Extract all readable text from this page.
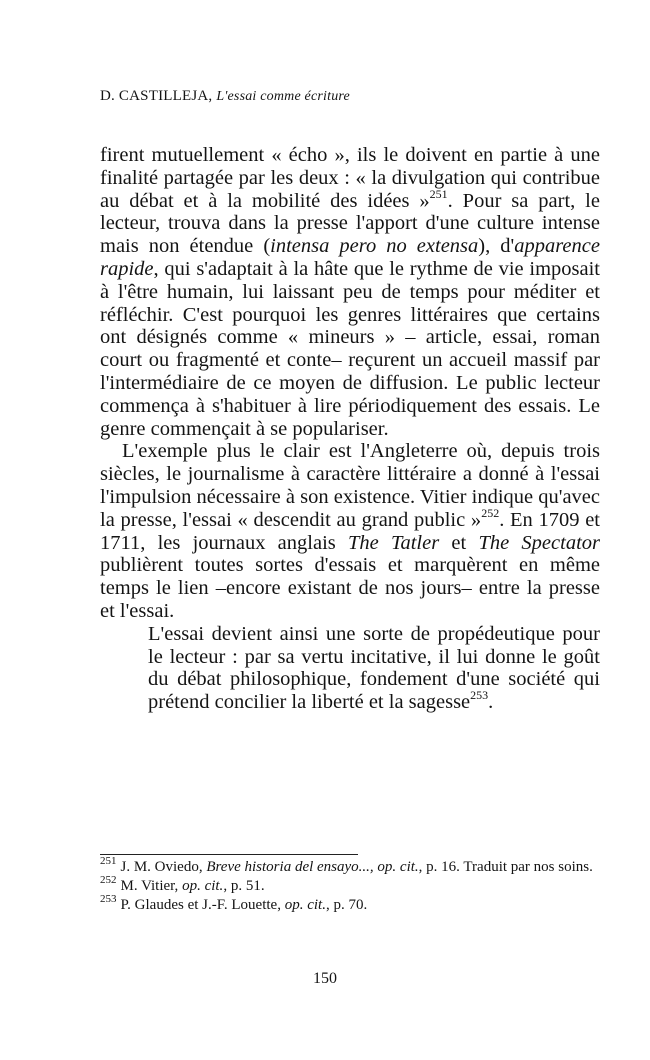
D. CASTILLEJA, L'essai comme écriture

firent mutuellement « écho », ils le doivent en partie à une finalité partagée par les deux : « la divulgation qui contribue au débat et à la mobilité des idées »$^{251}$. Pour sa part, le lecteur, trouva dans la presse l'apport d'une culture intense mais non étendue (intensa pero no extensa), d'apparence rapide, qui s'adaptait à la hâte que le rythme de vie imposait à l'être humain, lui laissant peu de temps pour méditer et réfléchir. C'est pourquoi les genres littéraires que certains ont désignés comme « mineurs » – article, essai, roman court ou fragmenté et conte– reçurent un accueil massif par l'intermédiaire de ce moyen de diffusion. Le public lecteur commença à s'habituer à lire périodiquement des essais. Le genre commençait à se populariser.

L'exemple plus le clair est l'Angleterre où, depuis trois siècles, le journalisme à caractère littéraire a donné à l'essai l'impulsion nécessaire à son existence. Vitier indique qu'avec la presse, l'essai « descendit au grand public »$^{252}$. En 1709 et 1711, les journaux anglais The Tatler et The Spectator publièrent toutes sortes d'essais et marquèrent en même temps le lien –encore existant de nos jours– entre la presse et l'essai.

L'essai devient ainsi une sorte de propédeutique pour le lecteur : par sa vertu incitative, il lui donne le goût du débat philosophique, fondement d'une société qui prétend concilier la liberté et la sagesse$^{253}$.

$^{251}$ J. M. Oviedo, Breve historia del ensayo..., op. cit., p. 16. Traduit par nos soins.

$^{252}$ M. Vitier, op. cit., p. 51.

$^{253}$ P. Glaudes et J.-F. Louette, op. cit., p. 70.

150
